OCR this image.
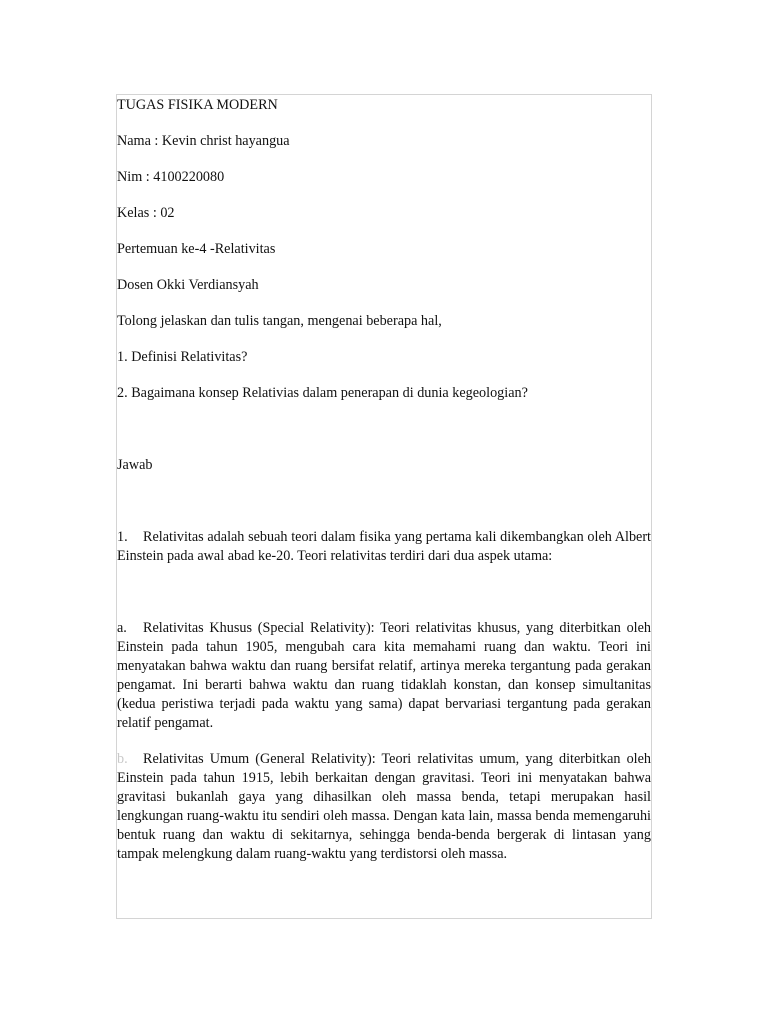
TUGAS FISIKA MODERN

Nama : Kevin christ hayangua

Nim : 4100220080

Kelas : 02

Pertemuan ke-4 -Relativitas

Dosen Okki Verdiansyah

Tolong jelaskan dan tulis tangan, mengenai beberapa hal,

1. Definisi Relativitas?

2. Bagaimana konsep Relativias dalam penerapan di dunia kegeologian?

Jawab

1. Relativitas adalah sebuah teori dalam fisika yang pertama kali dikembangkan oleh Albert Einstein pada awal abad ke-20. Teori relativitas terdiri dari dua aspek utama:

a. Relativitas Khusus (Special Relativity): Teori relativitas khusus, yang diterbitkan oleh Einstein pada tahun 1905, mengubah cara kita memahami ruang dan waktu. Teori ini menyatakan bahwa waktu dan ruang bersifat relatif, artinya mereka tergantung pada gerakan pengamat. Ini berarti bahwa waktu dan ruang tidaklah konstan, dan konsep simultanitas (kedua peristiwa terjadi pada waktu yang sama) dapat bervariasi tergantung pada gerakan relatif pengamat.

b. Relativitas Umum (General Relativity): Teori relativitas umum, yang diterbitkan oleh Einstein pada tahun 1915, lebih berkaitan dengan gravitasi. Teori ini menyatakan bahwa gravitasi bukanlah gaya yang dihasilkan oleh massa benda, tetapi merupakan hasil lengkungan ruang-waktu itu sendiri oleh massa. Dengan kata lain, massa benda memengaruhi bentuk ruang dan waktu di sekitarnya, sehingga benda-benda bergerak di lintasan yang tampak melengkung dalam ruang-waktu yang terdistorsi oleh massa.
